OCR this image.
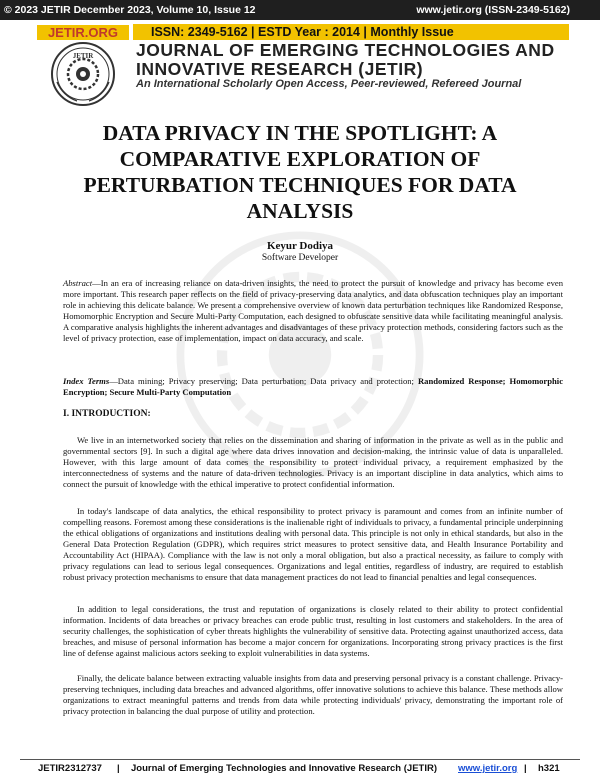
© 2023 JETIR December 2023, Volume 10, Issue 12	www.jetir.org (ISSN-2349-5162)
JETIR.ORG
JETIR
ISSN: 2349-5162 | ESTD Year : 2014 | Monthly Issue
JOURNAL OF EMERGING TECHNOLOGIES AND
INNOVATIVE RESEARCH (JETIR)
An International Scholarly Open Access, Peer-reviewed, Refereed Journal
DATA PRIVACY IN THE SPOTLIGHT: A
COMPARATIVE EXPLORATION OF
PERTURBATION TECHNIQUES FOR DATA
ANALYSIS
Keyur Dodiya
Software Developer
Abstract—In an era of increasing reliance on data-driven insights, the need to protect the pursuit of knowledge and privacy has become even more important. This research paper reflects on the field of privacy-preserving data analytics, and data obfuscation techniques play an important role in achieving this delicate balance. We present a comprehensive overview of known data perturbation techniques like Randomized Response, Homomorphic Encryption and Secure Multi-Party Computation, each designed to obfuscate sensitive data while facilitating meaningful analysis. A comparative analysis highlights the inherent advantages and disadvantages of these privacy protection methods, considering factors such as the level of privacy protection, ease of implementation, impact on data accuracy, and scale.
Index Terms—Data mining; Privacy preserving; Data perturbation; Data privacy and protection; Randomized Response; Homomorphic Encryption; Secure Multi-Party Computation
I. INTRODUCTION:
We live in an internetworked society that relies on the dissemination and sharing of information in the private as well as in the public and governmental sectors [9]. In such a digital age where data drives innovation and decision-making, the intrinsic value of data is unparalleled. However, with this large amount of data comes the responsibility to protect individual privacy, a requirement emphasized by the interconnectedness of systems and the nature of data-driven technologies. Privacy is an important discipline in data analytics, which aims to connect the pursuit of knowledge with the ethical imperative to protect confidential information.
In today's landscape of data analytics, the ethical responsibility to protect privacy is paramount and comes from an infinite number of compelling reasons. Foremost among these considerations is the inalienable right of individuals to privacy, a fundamental principle underpinning the ethical obligations of organizations and institutions dealing with personal data. This principle is not only in ethical standards, but also in the General Data Protection Regulation (GDPR), which requires strict measures to protect sensitive data, and Health Insurance Portability and Accountability Act (HIPAA). Compliance with the law is not only a moral obligation, but also a practical necessity, as failure to comply with privacy regulations can lead to serious legal consequences. Organizations and legal entities, regardless of industry, are required to establish robust privacy protection mechanisms to ensure that data management practices do not lead to financial penalties and legal consequences.
In addition to legal considerations, the trust and reputation of organizations is closely related to their ability to protect confidential information. Incidents of data breaches or privacy breaches can erode public trust, resulting in lost customers and stakeholders. In the area of security challenges, the sophistication of cyber threats highlights the vulnerability of sensitive data. Protecting against unauthorized access, data breaches, and misuse of personal information has become a major concern for organizations. Incorporating strong privacy practices is the first line of defense against malicious actors seeking to exploit vulnerabilities in data systems.
Finally, the delicate balance between extracting valuable insights from data and preserving personal privacy is a constant challenge. Privacy-preserving techniques, including data breaches and advanced algorithms, offer innovative solutions to achieve this balance. These methods allow organizations to extract meaningful patterns and trends from data while protecting individuals' privacy, demonstrating the important role of privacy protection in balancing the dual purpose of utility and protection.
JETIR2312737 | Journal of Emerging Technologies and Innovative Research (JETIR) www.jetir.org | h321
